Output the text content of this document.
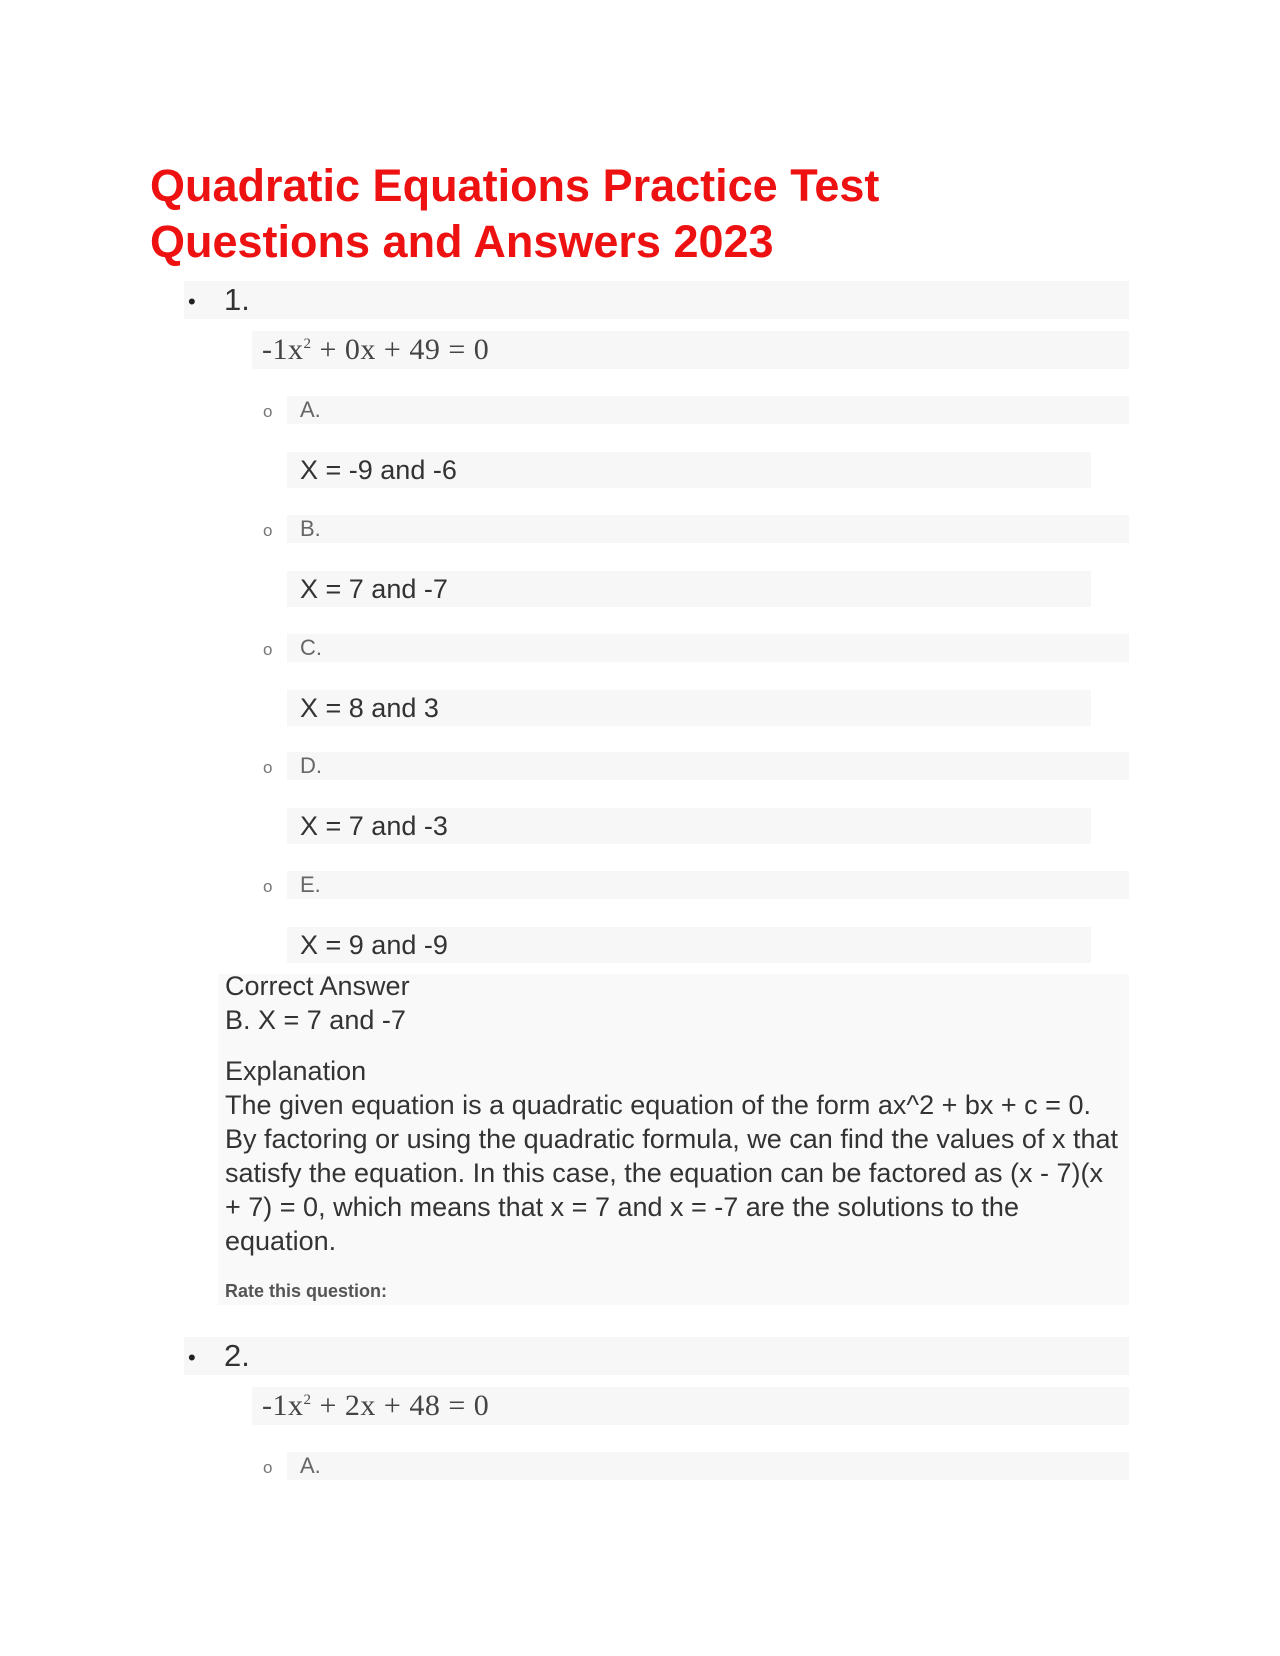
Quadratic Equations Practice Test Questions and Answers 2023
• 1.
$-1x^2 + 0x + 49 = 0$
o A.
X = -9 and -6
o B.
X = 7 and -7
o C.
X = 8 and 3
o D.
X = 7 and -3
o E.
X = 9 and -9
Correct Answer
B. X = 7 and -7
Explanation

The given equation is a quadratic equation of the form ax^2 + bx + c = 0. By factoring or using the quadratic formula, we can find the values of x that satisfy the equation. In this case, the equation can be factored as (x - 7)(x + 7) = 0, which means that x = 7 and x = -7 are the solutions to the equation.

Rate this question:
• 2.
$-1x^2 + 2x + 48 = 0$
o A.
